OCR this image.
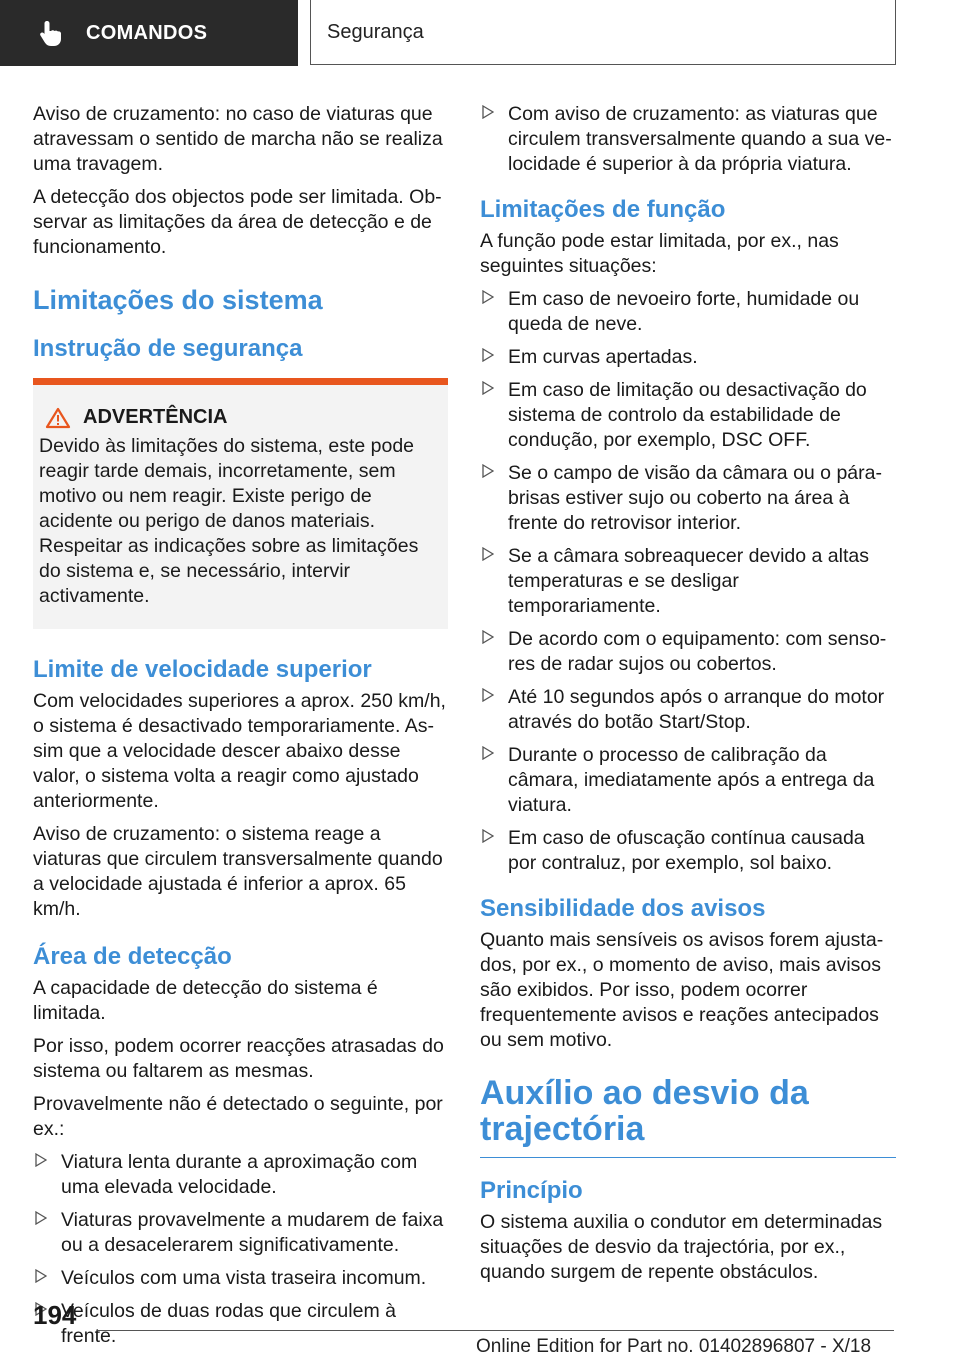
COMANDOS	Segurança

Aviso de cruzamento: no caso de viaturas que atravessam o sentido de marcha não se realiza uma travagem.

A detecção dos objectos pode ser limitada. Observar as limitações da área de detecção e de funcionamento.

Limitações do sistema
Instrução de segurança
ADVERTÊNCIA

Devido às limitações do sistema, este pode reagir tarde demais, incorretamente, sem motivo ou nem reagir. Existe perigo de acidente ou perigo de danos materiais. Respeitar as indicações sobre as limitações do sistema e, se necessário, intervir activamente.

Limite de velocidade superior

Com velocidades superiores a aprox. 250 km/h, o sistema é desactivado temporariamente. Assim que a velocidade descer abaixo desse valor, o sistema volta a reagir como ajustado anteriormente.

Aviso de cruzamento: o sistema reage a viaturas que circulem transversalmente quando a velocidade ajustada é inferior a aprox. 65 km/h.

Área de detecção

A capacidade de detecção do sistema é limitada.

Por isso, podem ocorrer reacções atrasadas do sistema ou faltarem as mesmas.

Provavelmente não é detectado o seguinte, por ex.:

Viatura lenta durante a aproximação com uma elevada velocidade.
Viaturas provavelmente a mudarem de faixa ou a desacelerarem significativamente.
Veículos com uma vista traseira incomum.
Veículos de duas rodas que circulem à frente.
Com aviso de cruzamento: as viaturas que circulem transversalmente quando a sua velocidade é superior à da própria viatura.
Limitações de função

A função pode estar limitada, por ex., nas seguintes situações:

Em caso de nevoeiro forte, humidade ou queda de neve.
Em curvas apertadas.
Em caso de limitação ou desactivação do sistema de controlo da estabilidade de condução, por exemplo, DSC OFF.
Se o campo de visão da câmara ou o pára-brisas estiver sujo ou coberto na área à frente do retrovisor interior.
Se a câmara sobreaquecer devido a altas temperaturas e se desligar temporariamente.
De acordo com o equipamento: com sensores de radar sujos ou cobertos.
Até 10 segundos após o arranque do motor através do botão Start/Stop.
Durante o processo de calibração da câmara, imediatamente após a entrega da viatura.
Em caso de ofuscação contínua causada por contraluz, por exemplo, sol baixo.
Sensibilidade dos avisos

Quanto mais sensíveis os avisos forem ajustados, por ex., o momento de aviso, mais avisos são exibidos. Por isso, podem ocorrer frequentemente avisos e reações antecipados ou sem motivo.

Auxílio ao desvio da trajectória
Princípio

O sistema auxilia o condutor em determinadas situações de desvio da trajectória, por ex., quando surgem de repente obstáculos.

194
Online Edition for Part no. 01402896807 - X/18
